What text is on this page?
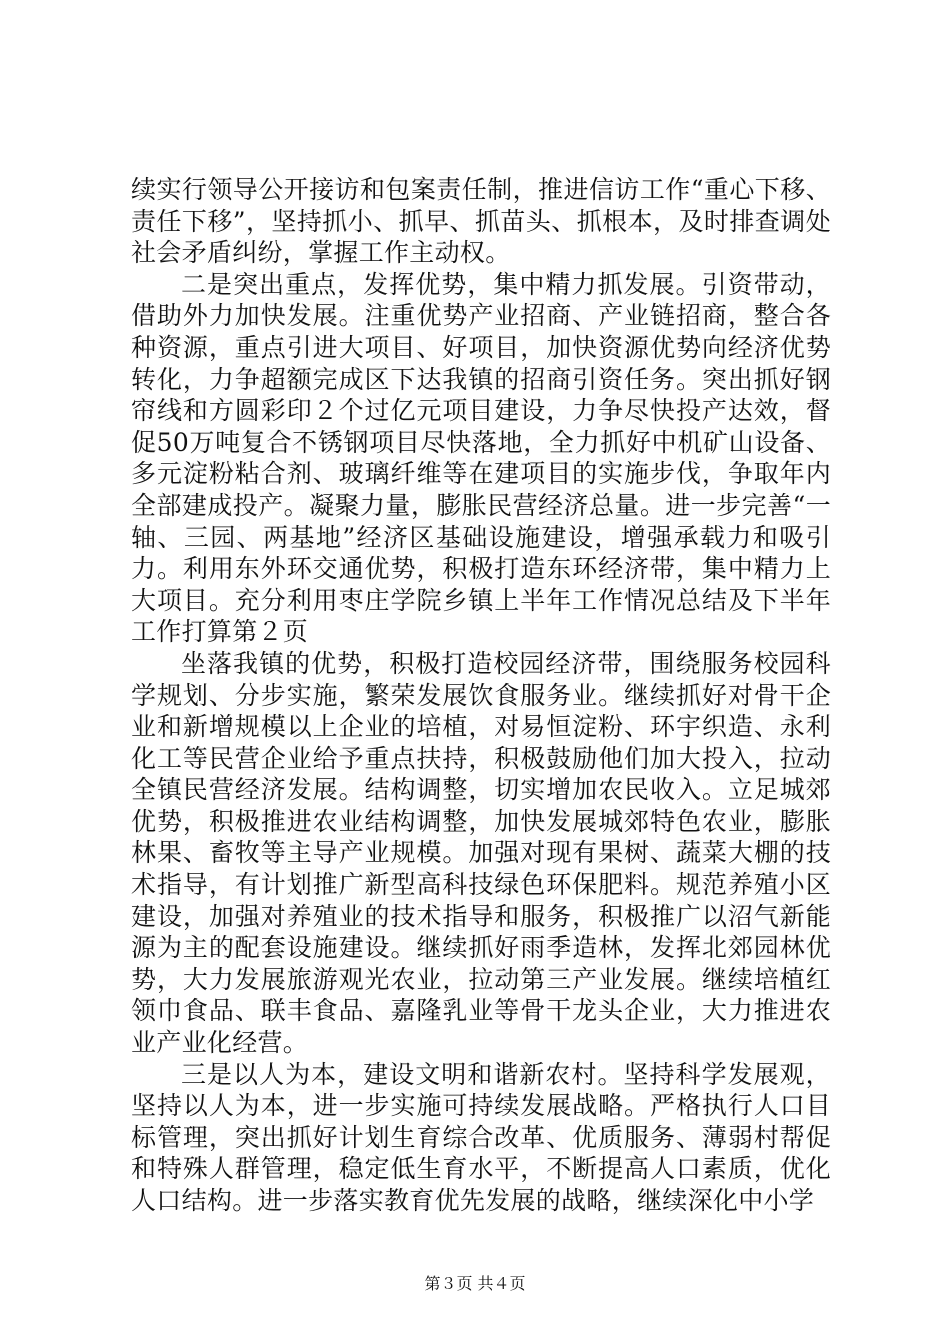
续实行领导公开接访和包案责任制，推进信访工作“重心下移、责任下移”，坚持抓小、抓早、抓苗头、抓根本，及时排查调处社会矛盾纠纷，掌握工作主动权。

二是突出重点，发挥优势，集中精力抓发展。引资带动，借助外力加快发展。注重优势产业招商、产业链招商，整合各种资源，重点引进大项目、好项目，加快资源优势向经济优势转化，力争超额完成区下达我镇的招商引资任务。突出抓好钢帘线和方圆彩印２个过亿元项目建设，力争尽快投产达效，督促50万吨复合不锈钢项目尽快落地，全力抓好中机矿山设备、多元淀粉粘合剂、玻璃纤维等在建项目的实施步伐，争取年内全部建成投产。凝聚力量，膨胀民营经济总量。进一步完善“一轴、三园、两基地”经济区基础设施建设，增强承载力和吸引力。利用东外环交通优势，积极打造东环经济带，集中精力上大项目。充分利用枣庄学院乡镇上半年工作情况总结及下半年工作打算第２页

坐落我镇的优势，积极打造校园经济带，围绕服务校园科学规划、分步实施，繁荣发展饮食服务业。继续抓好对骨干企业和新增规模以上企业的培植，对易恒淀粉、环宇织造、永利化工等民营企业给予重点扶持，积极鼓励他们加大投入，拉动全镇民营经济发展。结构调整，切实增加农民收入。立足城郊优势，积极推进农业结构调整，加快发展城郊特色农业，膨胀林果、畜牧等主导产业规模。加强对现有果树、蔬菜大棚的技术指导，有计划推广新型高科技绿色环保肥料。规范养殖小区建设，加强对养殖业的技术指导和服务，积极推广以沼气新能源为主的配套设施建设。继续抓好雨季造林，发挥北郊园林优势，大力发展旅游观光农业，拉动第三产业发展。继续培植红领巾食品、联丰食品、嘉隆乳业等骨干龙头企业，大力推进农业产业化经营。

三是以人为本，建设文明和谐新农村。坚持科学发展观，坚持以人为本，进一步实施可持续发展战略。严格执行人口目标管理，突出抓好计划生育综合改革、优质服务、薄弱村帮促和特殊人群管理，稳定低生育水平，不断提高人口素质，优化人口结构。进一步落实教育优先发展的战略，继续深化中小学

第３页 共４页
